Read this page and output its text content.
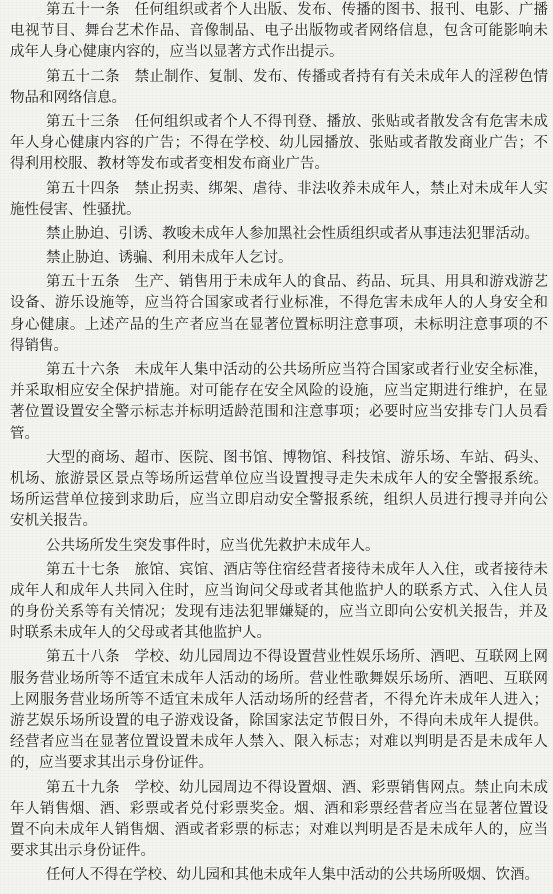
第五十一条　任何组织或者个人出版、发布、传播的图书、报刊、电影、广播
电视节目、舞台艺术作品、音像制品、电子出版物或者网络信息，包含可能影响未
成年人身心健康内容的，应当以显著方式作出提示。
第五十二条　禁止制作、复制、发布、传播或者持有有关未成年人的淫秽色情
物品和网络信息。
第五十三条　任何组织或者个人不得刊登、播放、张贴或者散发含有危害未成
年人身心健康内容的广告；不得在学校、幼儿园播放、张贴或者散发商业广告；不
得利用校服、教材等发布或者变相发布商业广告。
第五十四条　禁止拐卖、绑架、虐待、非法收养未成年人，禁止对未成年人实
施性侵害、性骚扰。
禁止胁迫、引诱、教唆未成年人参加黑社会性质组织或者从事违法犯罪活动。
禁止胁迫、诱骗、利用未成年人乞讨。
第五十五条　生产、销售用于未成年人的食品、药品、玩具、用具和游戏游艺
设备、游乐设施等，应当符合国家或者行业标准，不得危害未成年人的人身安全和
身心健康。上述产品的生产者应当在显著位置标明注意事项，未标明注意事项的不
得销售。
第五十六条　未成年人集中活动的公共场所应当符合国家或者行业安全标准，
并采取相应安全保护措施。对可能存在安全风险的设施，应当定期进行维护，在显
著位置设置安全警示标志并标明适龄范围和注意事项；必要时应当安排专门人员看
管。
大型的商场、超市、医院、图书馆、博物馆、科技馆、游乐场、车站、码头、
机场、旅游景区景点等场所运营单位应当设置搜寻走失未成年人的安全警报系统。
场所运营单位接到求助后，应当立即启动安全警报系统，组织人员进行搜寻并向公
安机关报告。
公共场所发生突发事件时，应当优先救护未成年人。
第五十七条　旅馆、宾馆、酒店等住宿经营者接待未成年人入住，或者接待未
成年人和成年人共同入住时，应当询问父母或者其他监护人的联系方式、入住人员
的身份关系等有关情况；发现有违法犯罪嫌疑的，应当立即向公安机关报告，并及
时联系未成年人的父母或者其他监护人。
第五十八条　学校、幼儿园周边不得设置营业性娱乐场所、酒吧、互联网上网
服务营业场所等不适宜未成年人活动的场所。营业性歌舞娱乐场所、酒吧、互联网
上网服务营业场所等不适宜未成年人活动场所的经营者，不得允许未成年人进入；
游艺娱乐场所设置的电子游戏设备，除国家法定节假日外，不得向未成年人提供。
经营者应当在显著位置设置未成年人禁入、限入标志；对难以判明是否是未成年人
的，应当要求其出示身份证件。
第五十九条　学校、幼儿园周边不得设置烟、酒、彩票销售网点。禁止向未成
年人销售烟、酒、彩票或者兑付彩票奖金。烟、酒和彩票经营者应当在显著位置设
置不向未成年人销售烟、酒或者彩票的标志；对难以判明是否是未成年人的，应当
要求其出示身份证件。
任何人不得在学校、幼儿园和其他未成年人集中活动的公共场所吸烟、饮酒。
